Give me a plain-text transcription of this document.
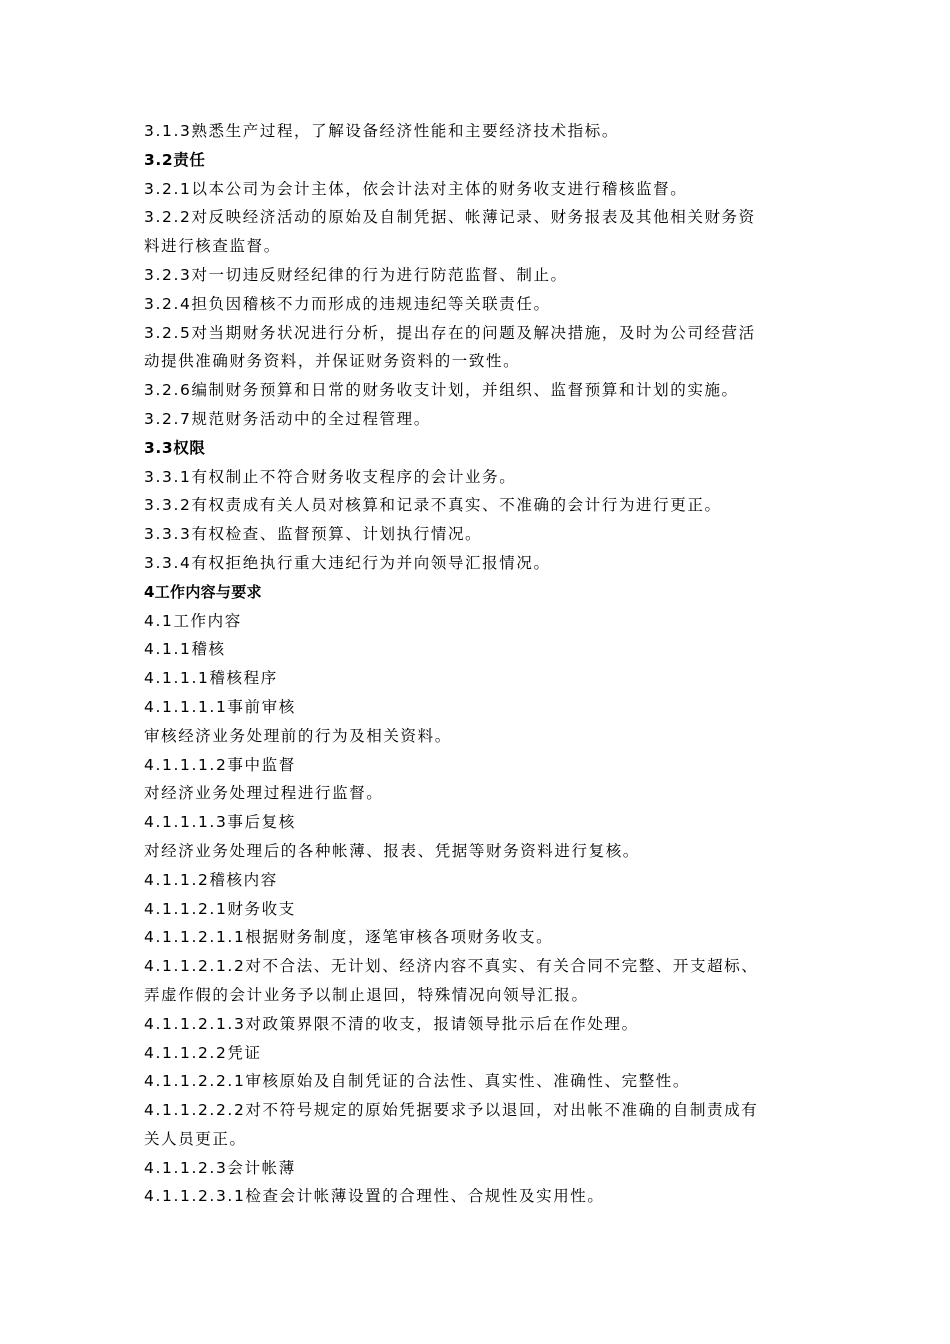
3.1.3熟悉生产过程，了解设备经济性能和主要经济技术指标。
3.2责任
3.2.1以本公司为会计主体，依会计法对主体的财务收支进行稽核监督。
3.2.2对反映经济活动的原始及自制凭据、帐薄记录、财务报表及其他相关财务资
料进行核查监督。
3.2.3对一切违反财经纪律的行为进行防范监督、制止。
3.2.4担负因稽核不力而形成的违规违纪等关联责任。
3.2.5对当期财务状况进行分析，提出存在的问题及解决措施，及时为公司经营活
动提供准确财务资料，并保证财务资料的一致性。
3.2.6编制财务预算和日常的财务收支计划，并组织、监督预算和计划的实施。
3.2.7规范财务活动中的全过程管理。
3.3权限
3.3.1有权制止不符合财务收支程序的会计业务。
3.3.2有权责成有关人员对核算和记录不真实、不准确的会计行为进行更正。
3.3.3有权检查、监督预算、计划执行情况。
3.3.4有权拒绝执行重大违纪行为并向领导汇报情况。
4工作内容与要求
4.1工作内容
4.1.1稽核
4.1.1.1稽核程序
4.1.1.1.1事前审核
审核经济业务处理前的行为及相关资料。
4.1.1.1.2事中监督
对经济业务处理过程进行监督。
4.1.1.1.3事后复核
对经济业务处理后的各种帐薄、报表、凭据等财务资料进行复核。
4.1.1.2稽核内容
4.1.1.2.1财务收支
4.1.1.2.1.1根据财务制度，逐笔审核各项财务收支。
4.1.1.2.1.2对不合法、无计划、经济内容不真实、有关合同不完整、开支超标、
弄虚作假的会计业务予以制止退回，特殊情况向领导汇报。
4.1.1.2.1.3对政策界限不清的收支，报请领导批示后在作处理。
4.1.1.2.2凭证
4.1.1.2.2.1审核原始及自制凭证的合法性、真实性、准确性、完整性。
4.1.1.2.2.2对不符号规定的原始凭据要求予以退回，对出帐不准确的自制责成有
关人员更正。
4.1.1.2.3会计帐薄
4.1.1.2.3.1检查会计帐薄设置的合理性、合规性及实用性。
